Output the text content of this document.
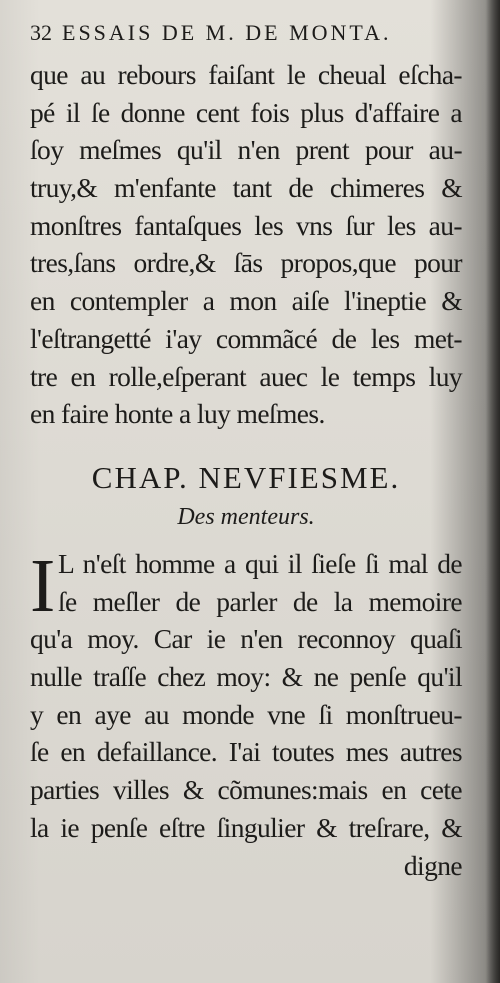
32 ESSAIS DE M. DE MONTA.
que au rebours faiſant le cheual eſcha-
pé il ſe donne cent fois plus d'affaire a
ſoy meſmes qu'il n'en prent pour au-
truy,& m'enfante tant de chimeres &
monſtres fantaſques les vns ſur les au-
tres,ſans ordre,& ſās propos,que pour
en contempler a mon aiſe l'ineptie &
l'eſtrangetté i'ay commãcé de les met-
tre en rolle,eſperant auec le temps luy
en faire honte a luy meſmes.
CHAP. NEVFIESME.
Des menteurs.
I L n'eſt homme a qui il ſieſe ſi mal de
ſe meſler de parler de la memoire
qu'a moy. Car ie n'en reconnoy quaſi
nulle traſſe chez moy: & ne penſe qu'il
y en aye au monde vne ſi monſtrueu-
ſe en defaillance. I'ai toutes mes autres
parties villes & cõmunes:mais en cete
la ie penſe eſtre ſingulier & treſrare, &
digne
